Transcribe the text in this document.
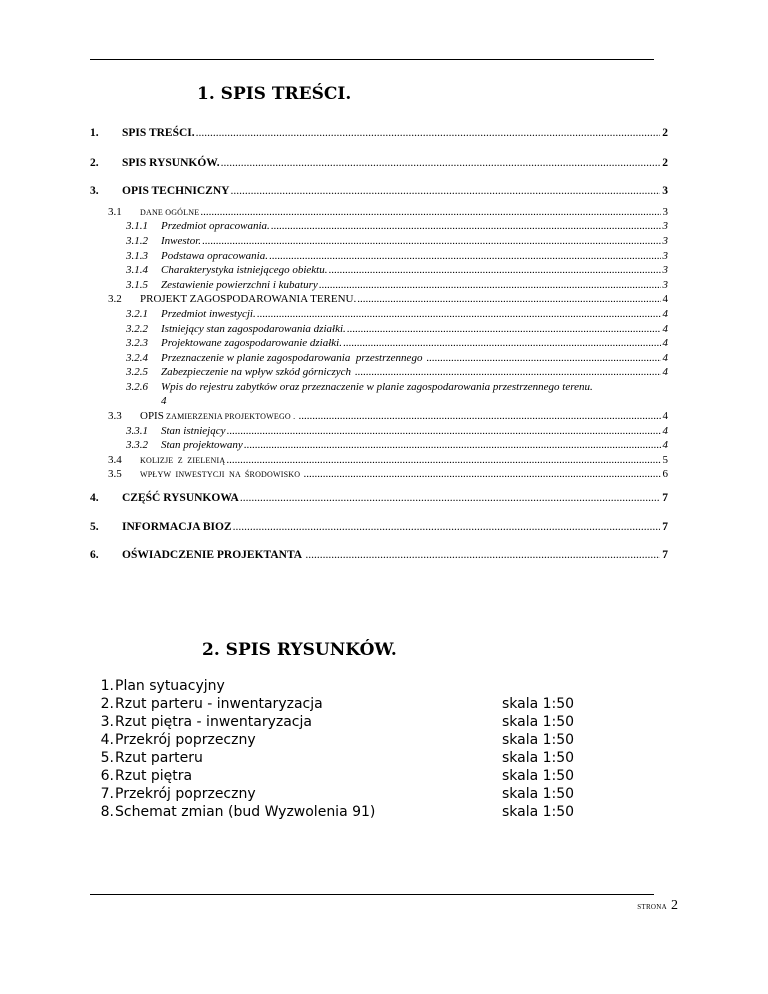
1. SPIS TREŚCI.
1.	SPIS TREŚCI. .....	2
2.	SPIS RYSUNKÓW. .....	2
3.	OPIS TECHNICZNY .....	3
3.1	DANE OGÓLNE .....	3
3.1.1	Przedmiot opracowania. .....	3
3.1.2	Inwestor. .....	3
3.1.3	Podstawa opracowania. .....	3
3.1.4	Charakterystyka istniejącego obiektu. .....	3
3.1.5	Zestawienie powierzchni i kubatury .....	3
3.2	PROJEKT ZAGOSPODAROWANIA TERENU. .....	4
3.2.1	Przedmiot inwestycji. .....	4
3.2.2	Istniejący stan zagospodarowania działki. .....	4
3.2.3	Projektowane zagospodarowanie działki. .....	4
3.2.4	Przeznaczenie w planie zagospodarowania  przestrzennego .....	4
3.2.5	Zabezpieczenie na wpływ szkód górniczych .....	4
3.2.6	Wpis do rejestru zabytków oraz przeznaczenie w planie zagospodarowania przestrzennego terenu.
4
3.3	OPIS ZAMIERZENIA PROJEKTOWEGO . .....	4
3.3.1	Stan istniejący .....	4
3.3.2	Stan projektowany .....	4
3.4	KOLIZJE  Z  ZIELENIĄ .....	5
3.5	WPŁYW  INWESTYCJI  NA  ŚRODOWISKO .....	6
4.	CZĘŚĆ RYSUNKOWA .....	7
5.	INFORMACJA BIOZ .....	7
6.	OŚWIADCZENIE PROJEKTANTA .....	7
2. SPIS RYSUNKÓW.
1. Plan sytuacyjny
2. Rzut parteru - inwentaryzacja	skala 1:50
3. Rzut piętra - inwentaryzacja	skala 1:50
4. Przekrój poprzeczny	skala 1:50
5. Rzut parteru	skala 1:50
6. Rzut piętra	skala 1:50
7. Przekrój poprzeczny	skala 1:50
8. Schemat zmian (bud Wyzwolenia 91)	skala 1:50
STRONA 2
